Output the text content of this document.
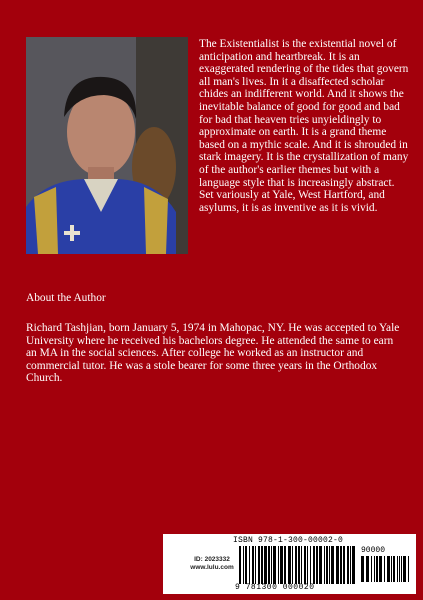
The Existentialist is the existential novel of anticipation and heartbreak. It is an exaggerated rendering of the tides that govern all man's lives. In it a disaffected scholar chides an indifferent world. And it shows the inevitable balance of good for good and bad for bad that heaven tries unyieldingly to approximate on earth. It is a grand theme based on a mythic scale. And it is shrouded in stark imagery. It is the crystallization of many of the author's earlier themes but with a language style that is increasingly abstract. Set variously at Yale, West Hartford, and asylums, it is as inventive as it is vivid.

About the Author

Richard Tashjian, born January 5, 1974 in Mahopac, NY. He was accepted to Yale University where he received his bachelors degree. He attended the same to earn an MA in the social sciences. After college he worked as an instructor and commercial tutor. He was a stole bearer for some three years in the Orthodox Church.

ID: 2023332
www.lulu.com
ISBN 978-1-300-00002-0
90000
9 781300 000020
